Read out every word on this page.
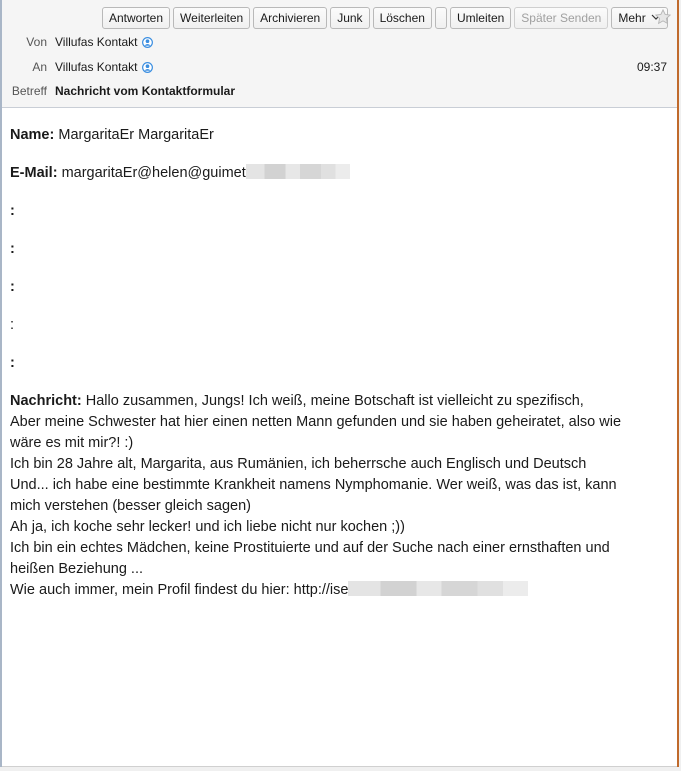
Antworten	Weiterleiten	Archivieren	Junk	Löschen	Umleiten	Später Senden	Mehr
Von Villufas Kontakt
An Villufas Kontakt	09:37
Betreff Nachricht vom Kontaktformular
Name: MargaritaEr MargaritaEr
E-Mail: margaritaEr@helen@guimet
:
:
:
:
:

Nachricht: Hallo zusammen, Jungs! Ich weiß, meine Botschaft ist vielleicht zu spezifisch,

Aber meine Schwester hat hier einen netten Mann gefunden und sie haben geheiratet, also wie

wäre es mit mir?! :)

Ich bin 28 Jahre alt, Margarita, aus Rumänien, ich beherrsche auch Englisch und Deutsch

Und... ich habe eine bestimmte Krankheit namens Nymphomanie. Wer weiß, was das ist, kann

mich verstehen (besser gleich sagen)

Ah ja, ich koche sehr lecker! und ich liebe nicht nur kochen ;))

Ich bin ein echtes Mädchen, keine Prostituierte und auf der Suche nach einer ernsthaften und

heißen Beziehung ...

Wie auch immer, mein Profil findest du hier: http://ise
